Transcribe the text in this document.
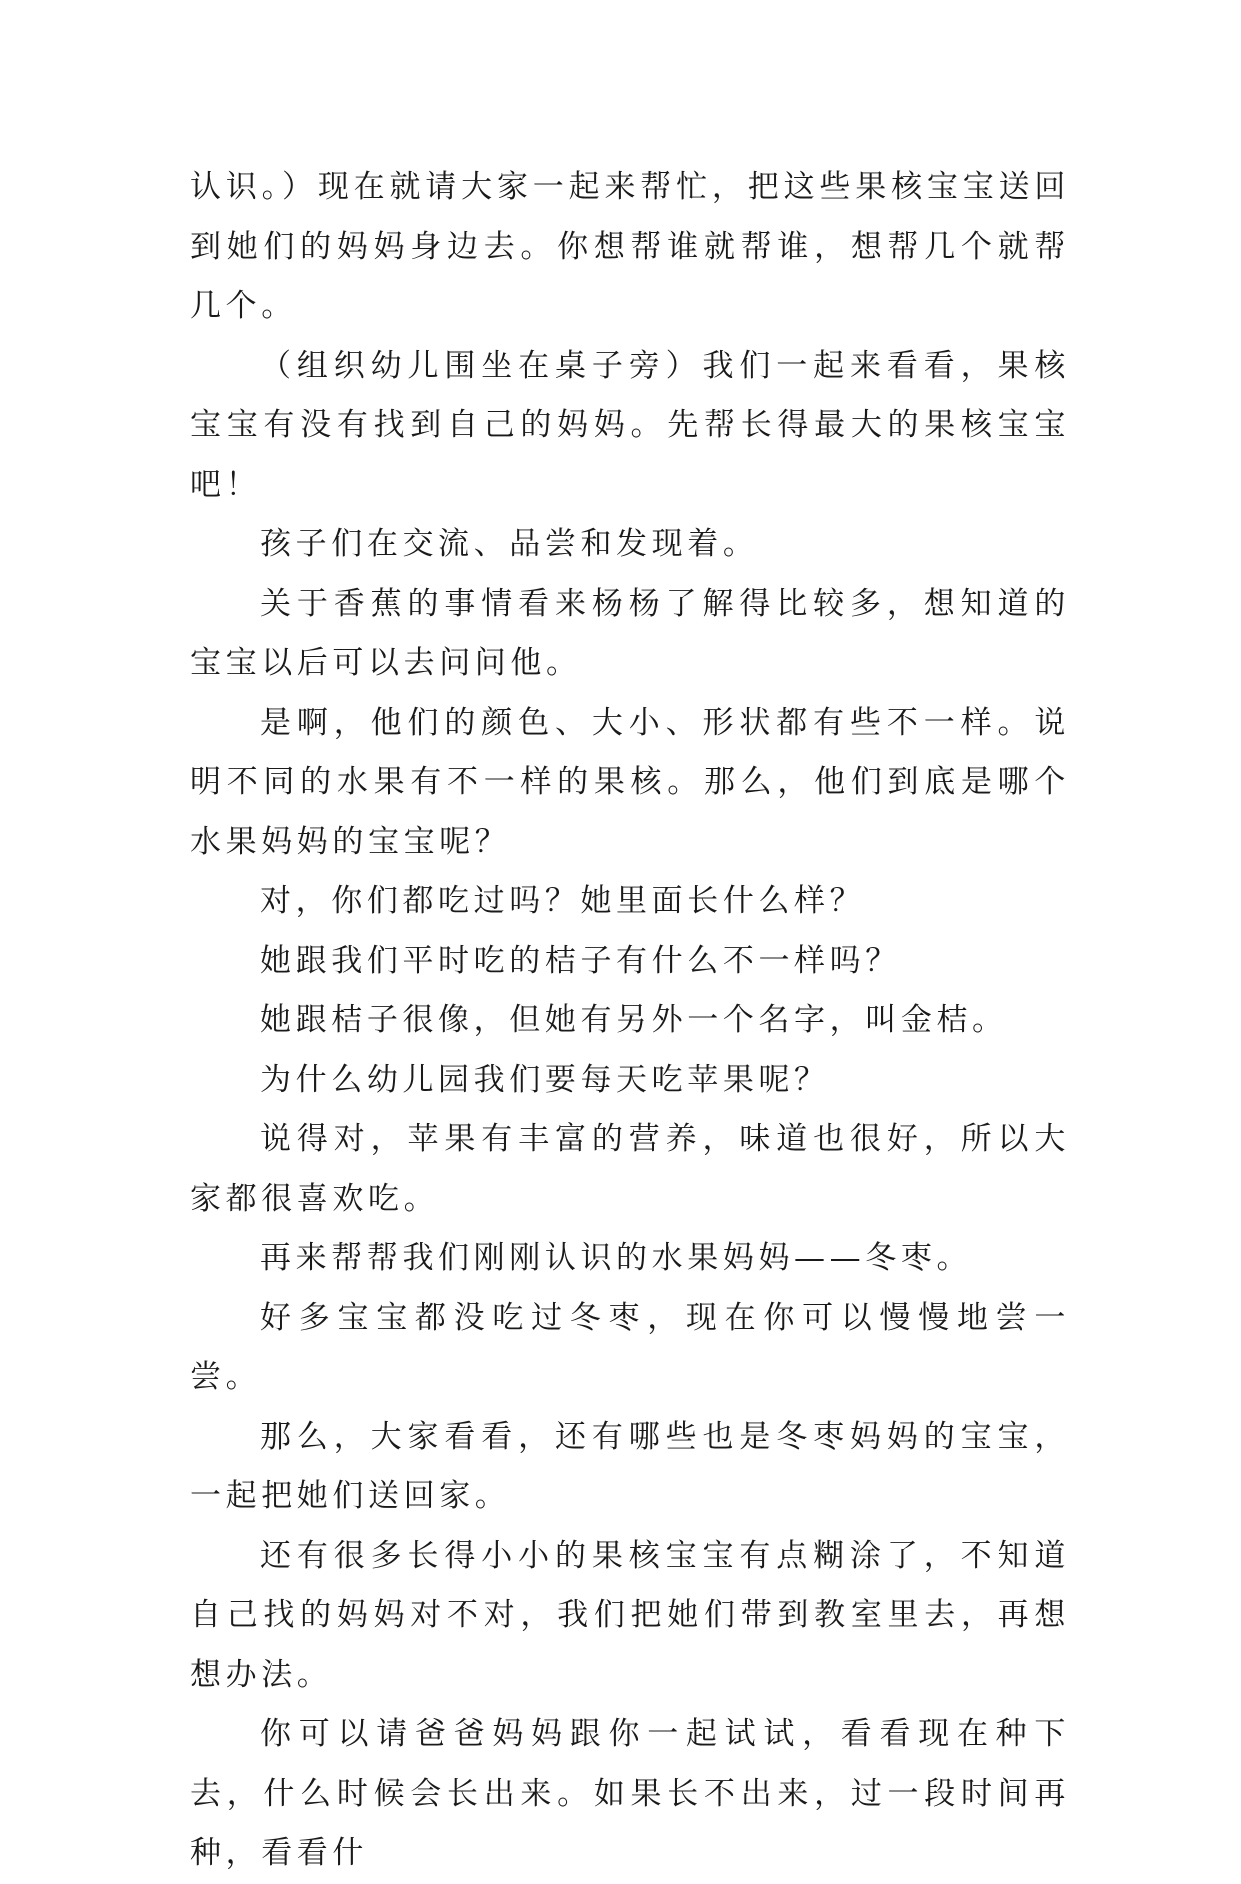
认识。）现在就请大家一起来帮忙，把这些果核宝宝送回到她们的妈妈身边去。你想帮谁就帮谁，想帮几个就帮几个。

（组织幼儿围坐在桌子旁）我们一起来看看，果核宝宝有没有找到自己的妈妈。先帮长得最大的果核宝宝吧！

孩子们在交流、品尝和发现着。

关于香蕉的事情看来杨杨了解得比较多，想知道的宝宝以后可以去问问他。

是啊，他们的颜色、大小、形状都有些不一样。说明不同的水果有不一样的果核。那么，他们到底是哪个水果妈妈的宝宝呢？

对，你们都吃过吗？她里面长什么样？

她跟我们平时吃的桔子有什么不一样吗？

她跟桔子很像，但她有另外一个名字，叫金桔。

为什么幼儿园我们要每天吃苹果呢？

说得对，苹果有丰富的营养，味道也很好，所以大家都很喜欢吃。

再来帮帮我们刚刚认识的水果妈妈——冬枣。

好多宝宝都没吃过冬枣，现在你可以慢慢地尝一尝。

那么，大家看看，还有哪些也是冬枣妈妈的宝宝，一起把她们送回家。

还有很多长得小小的果核宝宝有点糊涂了，不知道自己找的妈妈对不对，我们把她们带到教室里去，再想想办法。

你可以请爸爸妈妈跟你一起试试，看看现在种下去，什么时候会长出来。如果长不出来，过一段时间再种，看看什
